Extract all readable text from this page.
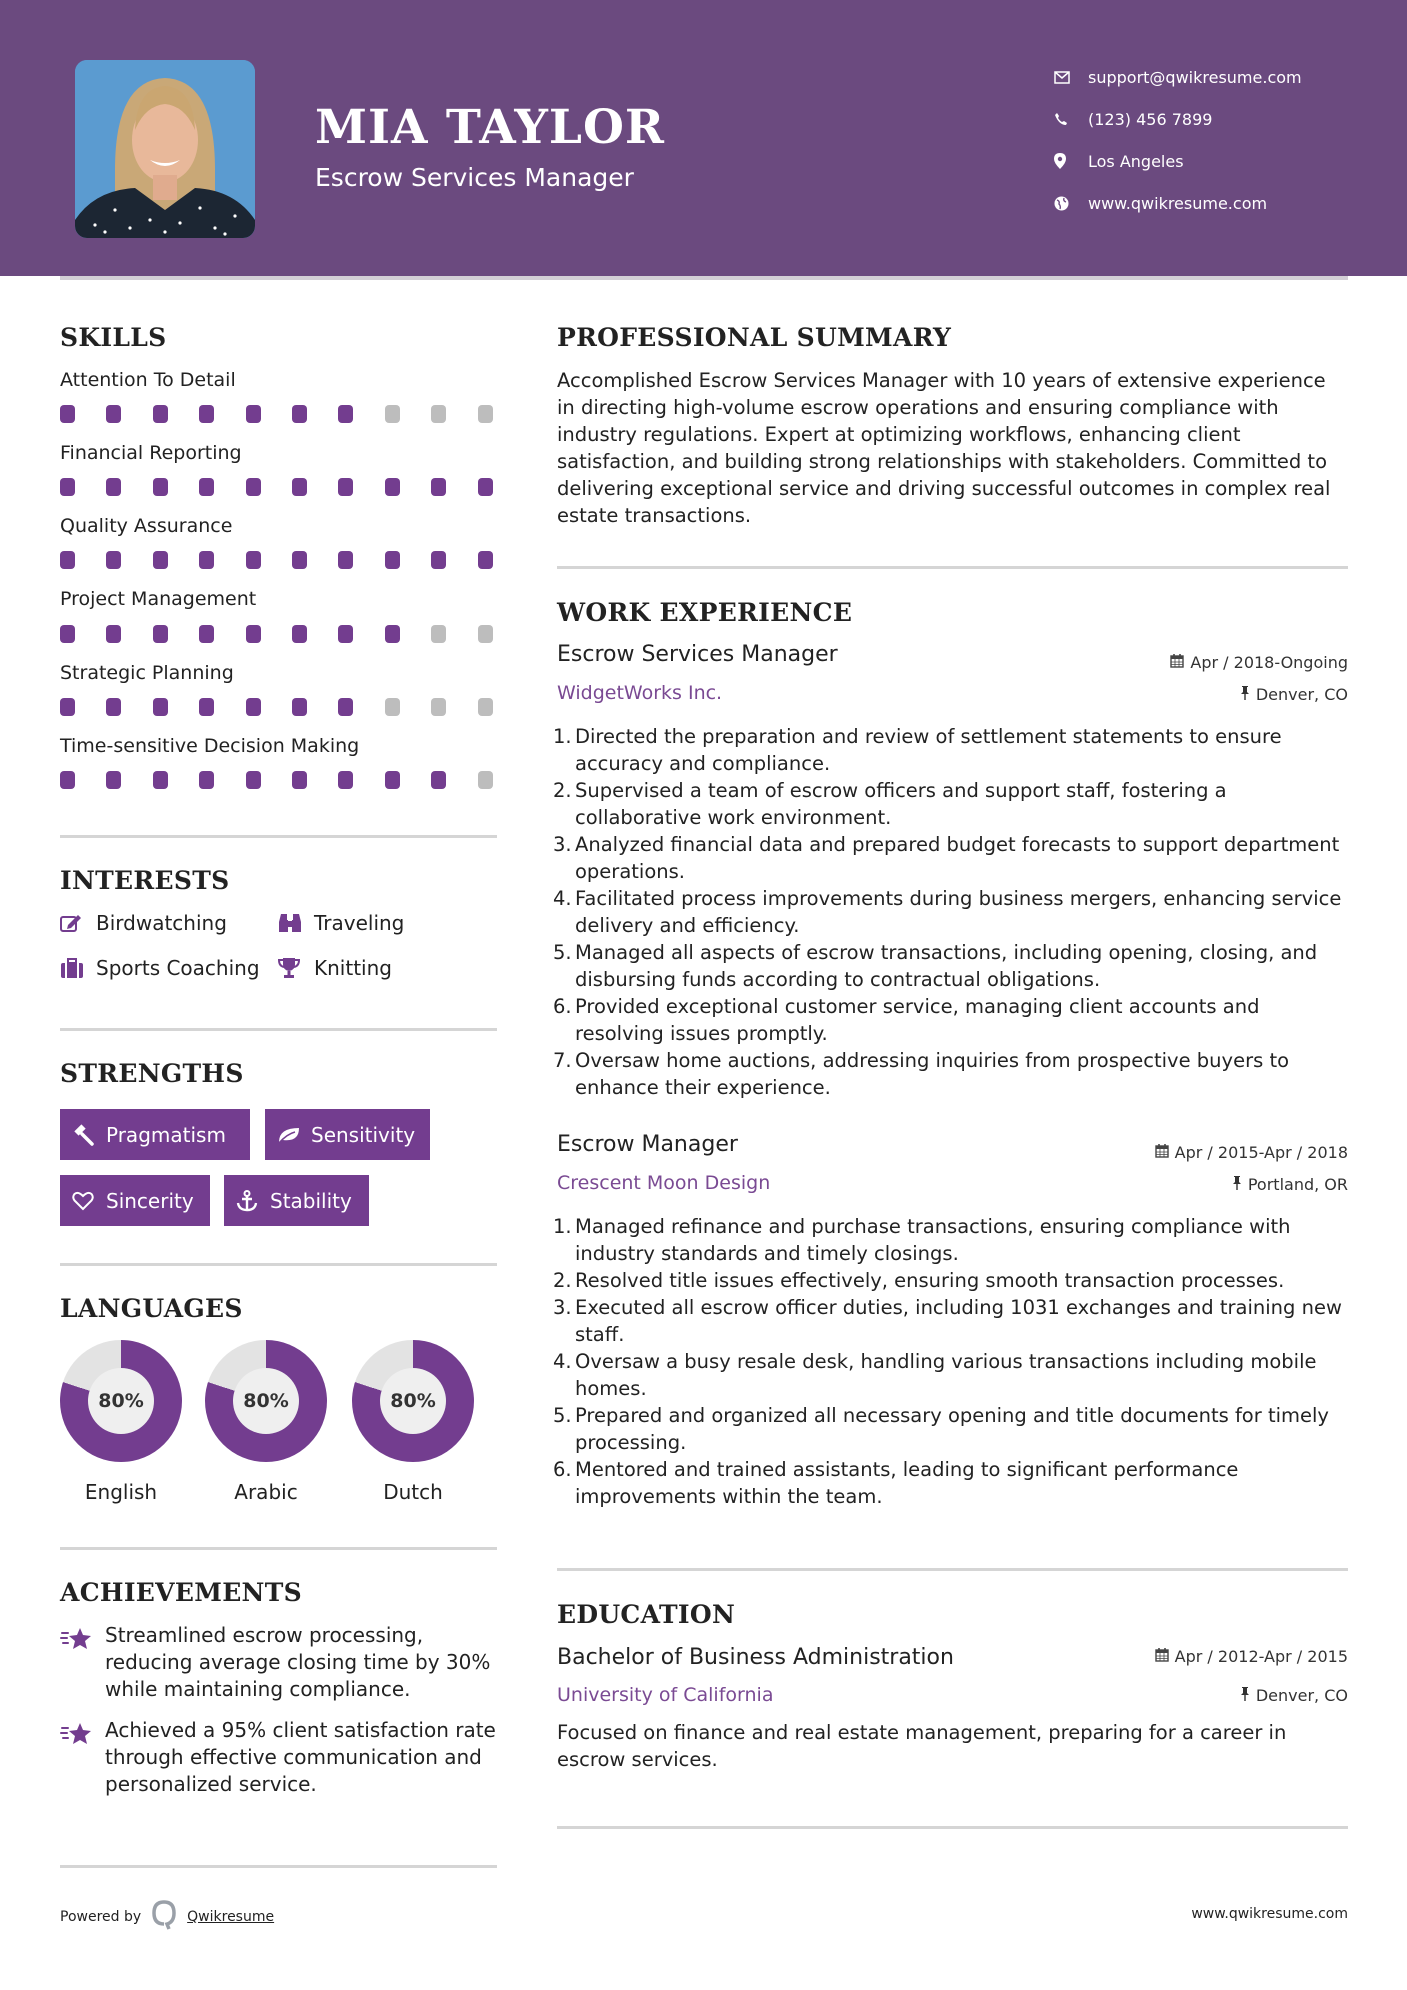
MIA TAYLOR
Escrow Services Manager
support@qwikresume.com
(123) 456 7899
Los Angeles
www.qwikresume.com
SKILLS
Attention To Detail
Financial Reporting
Quality Assurance
Project Management
Strategic Planning
Time-sensitive Decision Making
INTERESTS
Birdwatching	Traveling
Sports Coaching	Knitting
STRENGTHS
Pragmatism	Sensitivity
Sincerity	Stability
LANGUAGES
80%
English
80%
Arabic
80%
Dutch
ACHIEVEMENTS
Streamlined escrow processing, reducing average closing time by 30% while maintaining compliance.
Achieved a 95% client satisfaction rate through effective communication and personalized service.
PROFESSIONAL SUMMARY
Accomplished Escrow Services Manager with 10 years of extensive experience in directing high-volume escrow operations and ensuring compliance with industry regulations. Expert at optimizing workflows, enhancing client satisfaction, and building strong relationships with stakeholders. Committed to delivering exceptional service and driving successful outcomes in complex real estate transactions.
WORK EXPERIENCE
Escrow Services Manager	Apr / 2018-Ongoing
WidgetWorks Inc.	Denver, CO
1. Directed the preparation and review of settlement statements to ensure accuracy and compliance.
2. Supervised a team of escrow officers and support staff, fostering a collaborative work environment.
3. Analyzed financial data and prepared budget forecasts to support department operations.
4. Facilitated process improvements during business mergers, enhancing service delivery and efficiency.
5. Managed all aspects of escrow transactions, including opening, closing, and disbursing funds according to contractual obligations.
6. Provided exceptional customer service, managing client accounts and resolving issues promptly.
7. Oversaw home auctions, addressing inquiries from prospective buyers to enhance their experience.
Escrow Manager	Apr / 2015-Apr / 2018
Crescent Moon Design	Portland, OR
1. Managed refinance and purchase transactions, ensuring compliance with industry standards and timely closings.
2. Resolved title issues effectively, ensuring smooth transaction processes.
3. Executed all escrow officer duties, including 1031 exchanges and training new staff.
4. Oversaw a busy resale desk, handling various transactions including mobile homes.
5. Prepared and organized all necessary opening and title documents for timely processing.
6. Mentored and trained assistants, leading to significant performance improvements within the team.
EDUCATION
Bachelor of Business Administration	Apr / 2012-Apr / 2015
University of California	Denver, CO
Focused on finance and real estate management, preparing for a career in escrow services.
Powered by	Qwikresume	www.qwikresume.com
